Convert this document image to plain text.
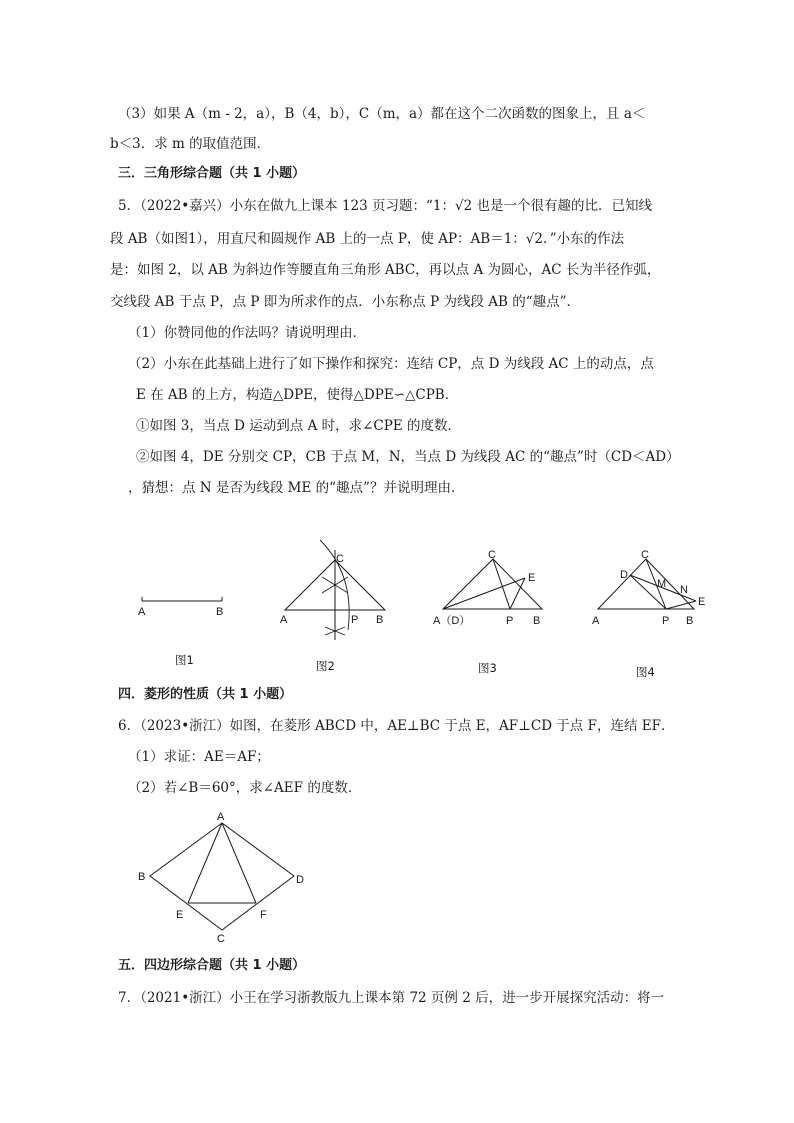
（3）如果 A（m - 2，a），B（4，b），C（m，a）都在这个二次函数的图象上，且 a＜
b＜3．求 m 的取值范围．
三．三角形综合题（共 1 小题）
5．（2022•嘉兴）小东在做九上课本 123 页习题：“1：√2 也是一个很有趣的比．已知线
段 AB（如图1），用直尺和圆规作 AB 上的一点 P，使 AP：AB＝1：√2．”小东的作法
是：如图 2，以 AB 为斜边作等腰直角三角形 ABC，再以点 A 为圆心，AC 长为半径作弧，
交线段 AB 于点 P，点 P 即为所求作的点．小东称点 P 为线段 AB 的“趣点”．
（1）你赞同他的作法吗？请说明理由．
（2）小东在此基础上进行了如下操作和探究：连结 CP，点 D 为线段 AC 上的动点，点
E 在 AB 的上方，构造△DPE，使得△DPE∽△CPB．
①如图 3，当点 D 运动到点 A 时，求∠CPE 的度数．
②如图 4，DE 分别交 CP，CB 于点 M，N，当点 D 为线段 AC 的“趣点”时（CD＜AD）
，猜想：点 N 是否为线段 ME 的“趣点”？并说明理由．
四．菱形的性质（共 1 小题）
6．（2023•浙江）如图，在菱形 ABCD 中，AE⊥BC 于点 E，AF⊥CD 于点 F，连结 EF．
（1）求证：AE＝AF；
（2）若∠B＝60°，求∠AEF 的度数．
五．四边形综合题（共 1 小题）
7．（2021•浙江）小王在学习浙教版九上课本第 72 页例 2 后，进一步开展探究活动：将一
A	B
图1
C
A	P B
图2
C
E
A（D）	P B
图3
C
D
M N
E
A	P B
图4
A
B	D
E	F
C
